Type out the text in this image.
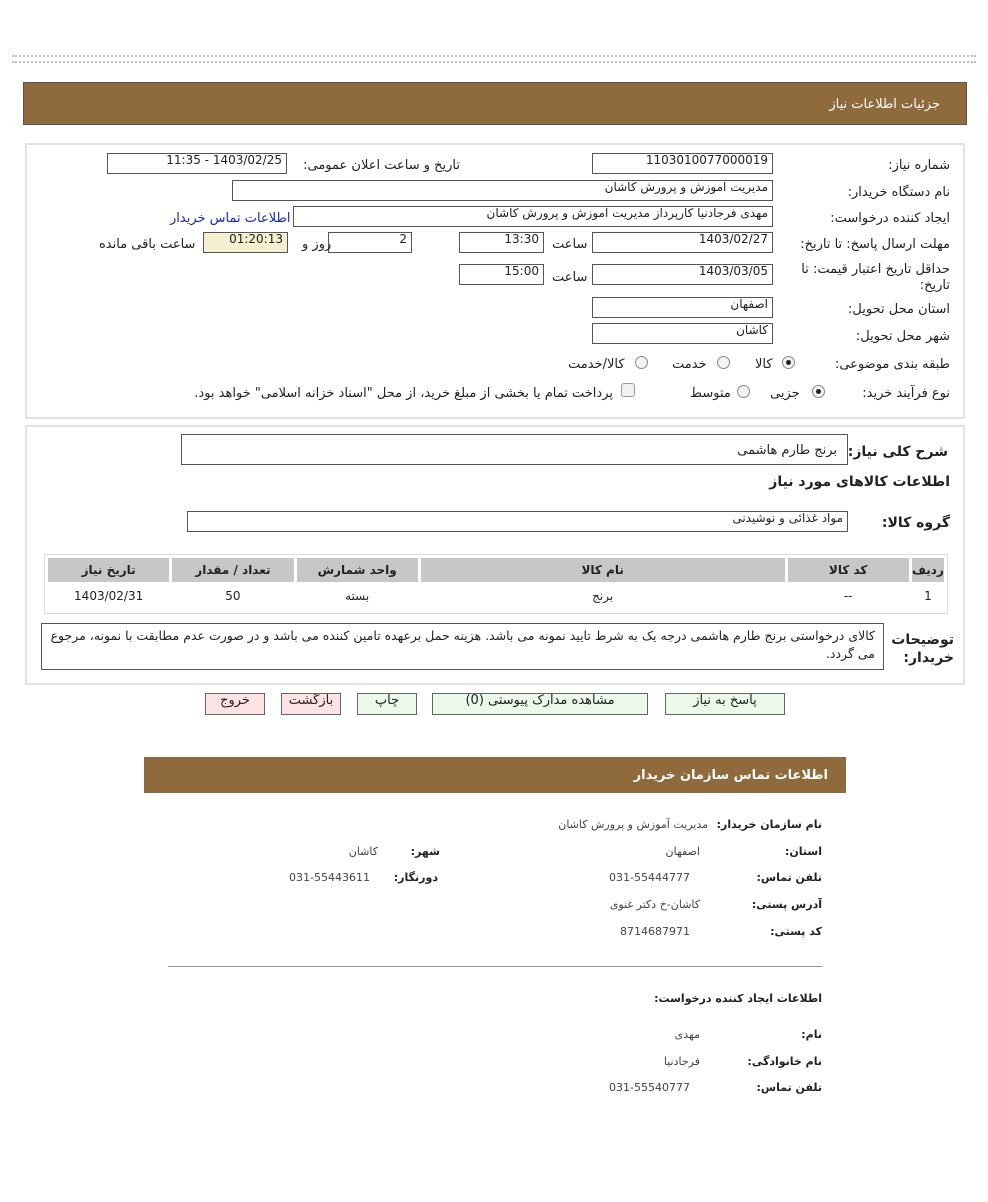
جزئیات اطلاعات نیاز
شماره نیاز:
1103010077000019
تاریخ و ساعت اعلان عمومی:
1403/02/25 - 11:35
نام دستگاه خریدار:
مدیریت آموزش و پرورش کاشان
ایجاد کننده درخواست:
مهدی فرجادنیا کارپرداز مدیریت آموزش و پرورش کاشان
اطلاعات تماس خریدار
مهلت ارسال پاسخ: تا تاریخ:
1403/02/27
ساعت
13:30
2
روز و
01:20:13
ساعت باقی مانده
حداقل تاریخ اعتبار قیمت: تا تاریخ:
1403/03/05
ساعت
15:00
استان محل تحویل:
اصفهان
شهر محل تحویل:
کاشان
طبقه بندی موضوعی:
کالا
خدمت
کالا/خدمت
نوع فرآیند خرید:
جزیی
متوسط
پرداخت تمام یا بخشی از مبلغ خرید، از محل "اسناد خزانه اسلامی" خواهد بود.
شرح کلی نیاز:
برنج طارم هاشمی
اطلاعات کالاهای مورد نیاز
گروه کالا:
مواد غذائی و نوشیدنی
ردیف	کد کالا	نام کالا	واحد شمارش	تعداد / مقدار	تاریخ نیاز
1	--	برنج	بسته	50	1403/02/31
توضیحات خریدار:
کالای درخواستی برنج طارم هاشمی درجه یک به شرط تایید نمونه می باشد. هزینه حمل برعهده تامین کننده می باشد و در صورت عدم مطابقت با نمونه، مرجوع می گردد.
پاسخ به نیاز
مشاهده مدارک پیوستی (0)
چاپ
بازگشت
خروج
اطلاعات تماس سازمان خریدار
نام سازمان خریدار:
مدیریت آموزش و پرورش کاشان
استان:
اصفهان
شهر:
کاشان
تلفن تماس:
031-55444777
دورنگار:
031-55443611
آدرس پستی:
کاشان-خ دکتر غنوی
کد پستی:
8714687971
اطلاعات ایجاد کننده درخواست:
نام:
مهدی
نام خانوادگی:
فرجادنیا
تلفن تماس:
031-55540777
